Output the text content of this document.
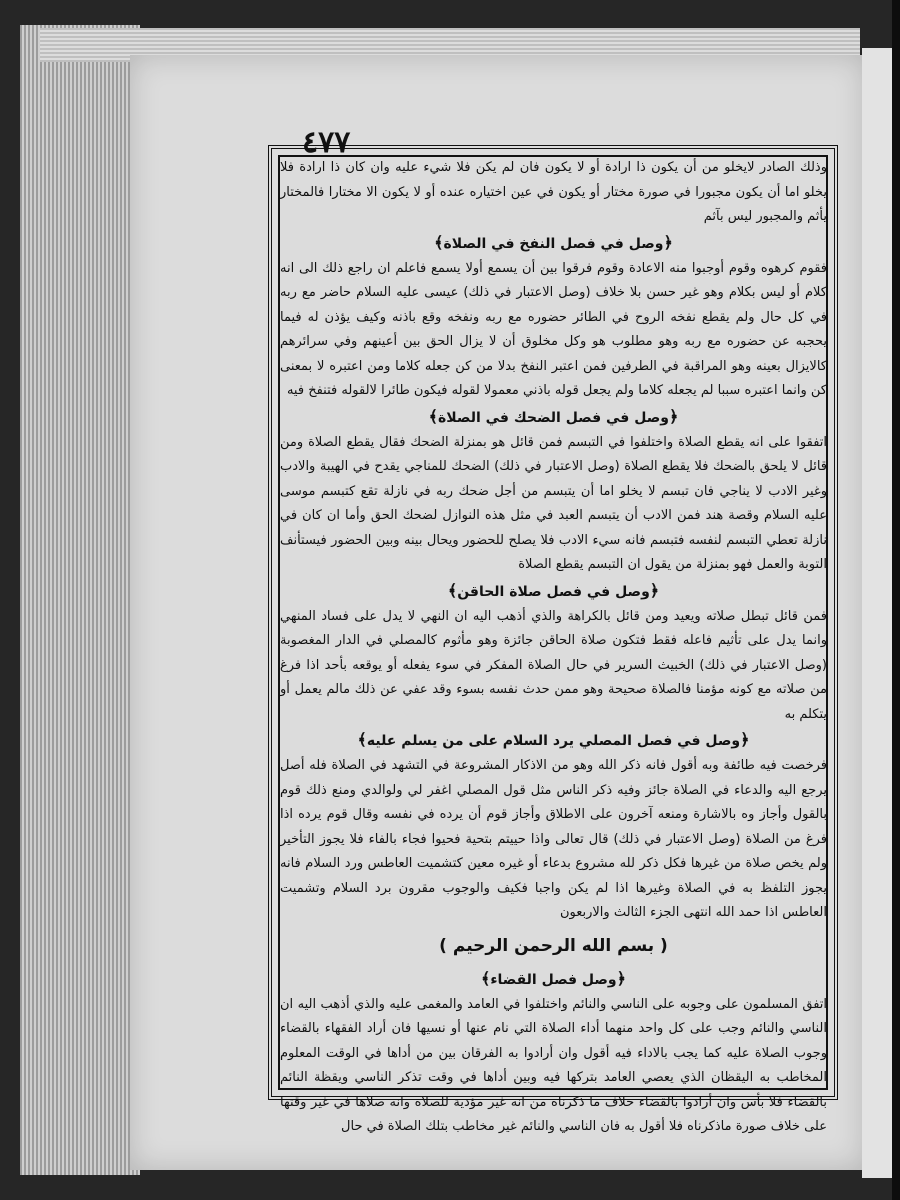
٤٧٧

وذلك الصادر لايخلو من أن يكون ذا ارادة أو لا يكون فان لم يكن فلا شيء عليه وان كان ذا ارادة فلا يخلو اما أن يكون مجبورا في صورة مختار أو يكون في عين اختياره عنده أو لا يكون الا مختارا فالمختار يأثم والمجبور ليس بآثم

﴿وصل في فصل النفخ في الصلاة﴾

فقوم كرهوه وقوم أوجبوا منه الاعادة وقوم فرقوا بين أن يسمع أولا يسمع فاعلم ان راجع ذلك الى انه كلام أو ليس بكلام وهو غير حسن بلا خلاف (وصل الاعتبار في ذلك) عيسى عليه السلام حاضر مع ربه في كل حال ولم يقطع نفخه الروح في الطائر حضوره مع ربه ونفخه وقع باذنه وكيف يؤذن له فيما يحجبه عن حضوره مع ربه وهو مطلوب هو وكل مخلوق أن لا يزال الحق بين أعينهم وفي سرائرهم كالايزال بعينه وهو المراقبة في الطرفين فمن اعتبر النفخ بدلا من كن جعله كلاما ومن اعتبره لا بمعنى كن وانما اعتبره سببا لم يجعله كلاما ولم يجعل قوله باذني معمولا لقوله فيكون طائرا لالقوله فتنفخ فيه

﴿وصل في فصل الضحك في الصلاة﴾

اتفقوا على انه يقطع الصلاة واختلفوا في التبسم فمن قائل هو بمنزلة الضحك فقال يقطع الصلاة ومن قائل لا يلحق بالضحك فلا يقطع الصلاة (وصل الاعتبار في ذلك) الضحك للمناجي يقدح في الهيبة والادب وغير الادب لا يناجي فان تبسم لا يخلو اما أن يتبسم من أجل ضحك ربه في نازلة تقع كتبسم موسى عليه السلام وقصة هند فمن الادب أن يتبسم العبد في مثل هذه النوازل لضحك الحق وأما ان كان في نازلة تعطي التبسم لنفسه فتبسم فانه سيء الادب فلا يصلح للحضور ويحال بينه وبين الحضور فيستأنف التوبة والعمل فهو بمنزلة من يقول ان التبسم يقطع الصلاة

﴿وصل في فصل صلاة الحاقن﴾

فمن قائل تبطل صلاته ويعيد ومن قائل بالكراهة والذي أذهب اليه ان النهي لا يدل على فساد المنهي وانما يدل على تأثيم فاعله فقط فتكون صلاة الحاقن جائزة وهو مأثوم كالمصلي في الدار المغصوبة (وصل الاعتبار في ذلك) الخبيث السرير في حال الصلاة المفكر في سوء يفعله أو يوقعه بأحد اذا فرغ من صلاته مع كونه مؤمنا فالصلاة صحيحة وهو ممن حدث نفسه بسوء وقد عفي عن ذلك مالم يعمل أو يتكلم به

﴿وصل في فصل المصلي يرد السلام على من يسلم عليه﴾

فرخصت فيه طائفة وبه أقول فانه ذكر الله وهو من الاذكار المشروعة في التشهد في الصلاة فله أصل يرجع اليه والدعاء في الصلاة جائز وفيه ذكر الناس مثل قول المصلي اغفر لي ولوالدي ومنع ذلك قوم بالقول وأجاز وه بالاشارة ومنعه آخرون على الاطلاق وأجاز قوم أن يرده في نفسه وقال قوم يرده اذا فرغ من الصلاة (وصل الاعتبار في ذلك) قال تعالى واذا حييتم بتحية فحيوا فجاء بالفاء فلا يجوز التأخير ولم يخص صلاة من غيرها فكل ذكر لله مشروع بدعاء أو غيره معين كتشميت العاطس ورد السلام فانه يجوز التلفظ به في الصلاة وغيرها اذا لم يكن واجبا فكيف والوجوب مقرون برد السلام وتشميت العاطس اذا حمد الله انتهى الجزء الثالث والاربعون

( بسم الله الرحمن الرحيم )

﴿وصل فصل القضاء﴾

اتفق المسلمون على وجوبه على الناسي والنائم واختلفوا في العامد والمغمى عليه والذي أذهب اليه ان الناسي والنائم وجب على كل واحد منهما أداء الصلاة التي نام عنها أو نسيها فان أراد الفقهاء بالقضاء وجوب الصلاة عليه كما يجب بالاداء فيه أقول وان أرادوا به الفرقان بين من أداها في الوقت المعلوم المخاطب به اليقظان الذي يعصي العامد بتركها فيه وبين أداها في وقت تذكر الناسي ويقظة النائم بالقضاء فلا بأس وان أرادوا بالقضاء خلاف ما ذكرناه من انه غير مؤدية للصلاة وانه صلاها في غير وقتها على خلاف صورة ماذكرناه فلا أقول به فان الناسي والنائم غير مخاطب بتلك الصلاة في حال
